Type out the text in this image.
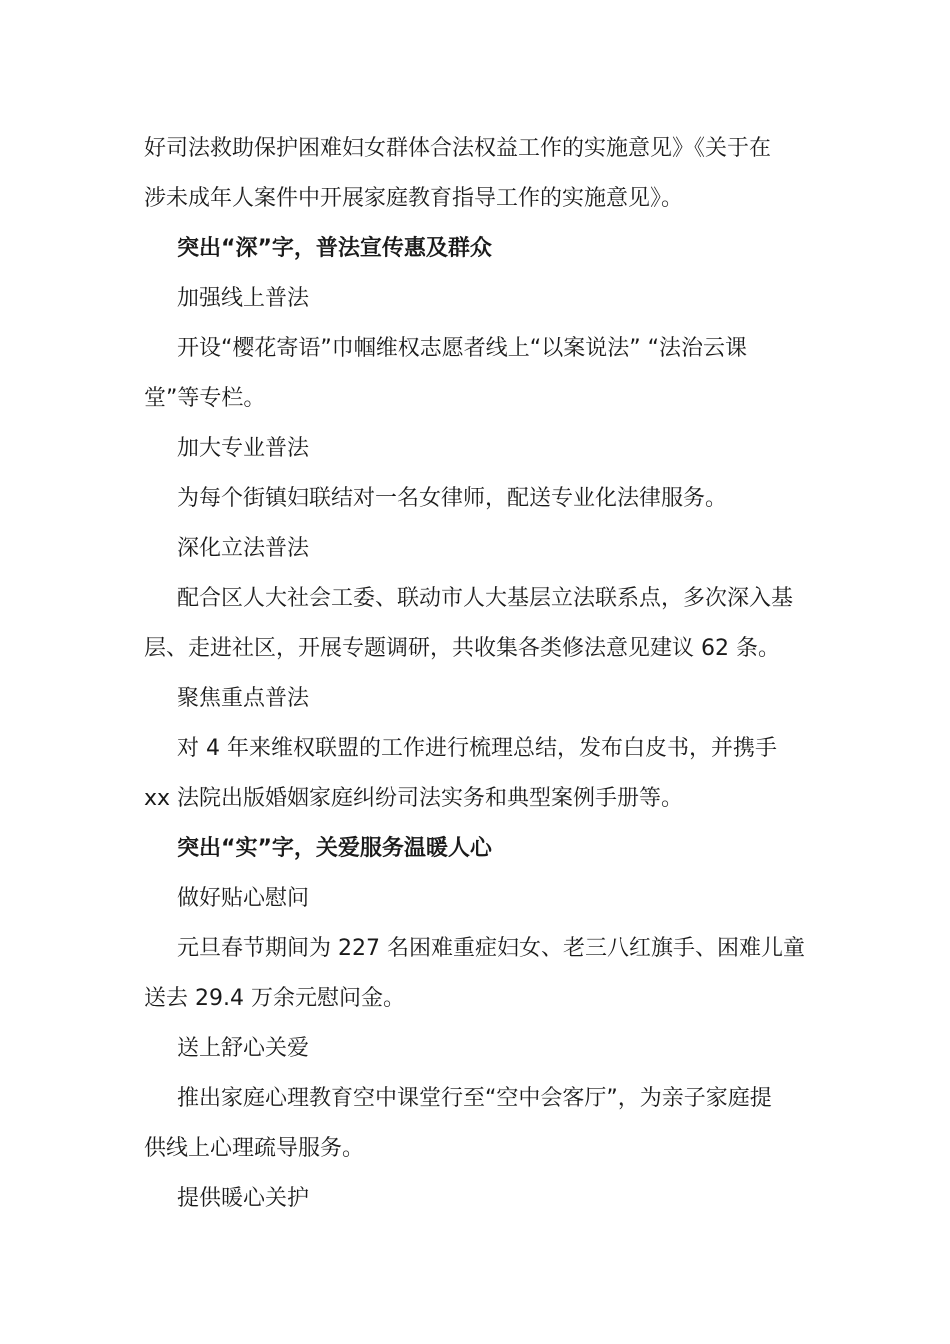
好司法救助保护困难妇女群体合法权益工作的实施意见》《关于在
涉未成年人案件中开展家庭教育指导工作的实施意见》。
突出“深”字，普法宣传惠及群众
加强线上普法
开设“樱花寄语”巾帼维权志愿者线上“以案说法” “法治云课
堂”等专栏。
加大专业普法
为每个街镇妇联结对一名女律师，配送专业化法律服务。
深化立法普法
配合区人大社会工委、联动市人大基层立法联系点，多次深入基
层、走进社区，开展专题调研，共收集各类修法意见建议 62 条。
聚焦重点普法
对 4 年来维权联盟的工作进行梳理总结，发布白皮书，并携手
xx 法院出版婚姻家庭纠纷司法实务和典型案例手册等。
突出“实”字，关爱服务温暖人心
做好贴心慰问
元旦春节期间为 227 名困难重症妇女、老三八红旗手、困难儿童
送去 29.4 万余元慰问金。
送上舒心关爱
推出家庭心理教育空中课堂行至“空中会客厅”，为亲子家庭提
供线上心理疏导服务。
提供暖心关护
